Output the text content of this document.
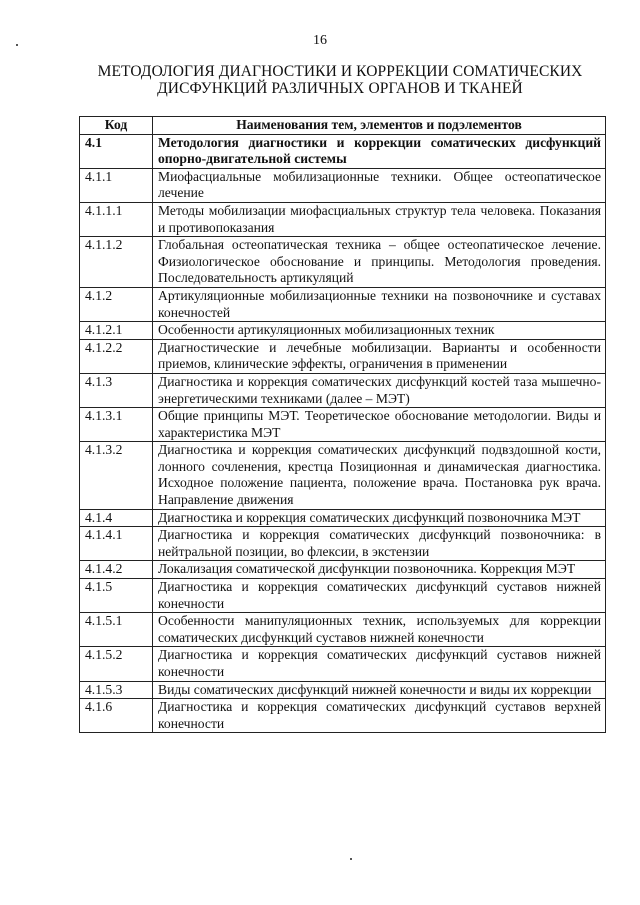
16
МЕТОДОЛОГИЯ ДИАГНОСТИКИ И КОРРЕКЦИИ СОМАТИЧЕСКИХ
ДИСФУНКЦИЙ РАЗЛИЧНЫХ ОРГАНОВ И ТКАНЕЙ
Код	Наименования тем, элементов и подэлементов
4.1	Методология диагностики и коррекции соматических дисфункций опорно-двигательной системы
4.1.1	Миофасциальные мобилизационные техники. Общее остеопатическое лечение
4.1.1.1	Методы мобилизации миофасциальных структур тела человека. Показания и противопоказания
4.1.1.2	Глобальная остеопатическая техника – общее остеопатическое лечение. Физиологическое обоснование и принципы. Методология проведения. Последовательность артикуляций
4.1.2	Артикуляционные мобилизационные техники на позвоночнике и суставах конечностей
4.1.2.1	Особенности артикуляционных мобилизационных техник
4.1.2.2	Диагностические и лечебные мобилизации. Варианты и особенности приемов, клинические эффекты, ограничения в применении
4.1.3	Диагностика и коррекция соматических дисфункций костей таза мышечно-энергетическими техниками (далее – МЭТ)
4.1.3.1	Общие принципы МЭТ. Теоретическое обоснование методологии. Виды и характеристика МЭТ
4.1.3.2	Диагностика и коррекция соматических дисфункций подвздошной кости, лонного сочленения, крестца Позиционная и динамическая диагностика. Исходное положение пациента, положение врача. Постановка рук врача. Направление движения
4.1.4	Диагностика и коррекция соматических дисфункций позвоночника МЭТ
4.1.4.1	Диагностика и коррекция соматических дисфункций позвоночника: в нейтральной позиции, во флексии, в экстензии
4.1.4.2	Локализация соматической дисфункции позвоночника. Коррекция МЭТ
4.1.5	Диагностика и коррекция соматических дисфункций суставов нижней конечности
4.1.5.1	Особенности манипуляционных техник, используемых для коррекции соматических дисфункций суставов нижней конечности
4.1.5.2	Диагностика и коррекция соматических дисфункций суставов нижней конечности
4.1.5.3	Виды соматических дисфункций нижней конечности и виды их коррекции
4.1.6	Диагностика и коррекция соматических дисфункций суставов верхней конечности
